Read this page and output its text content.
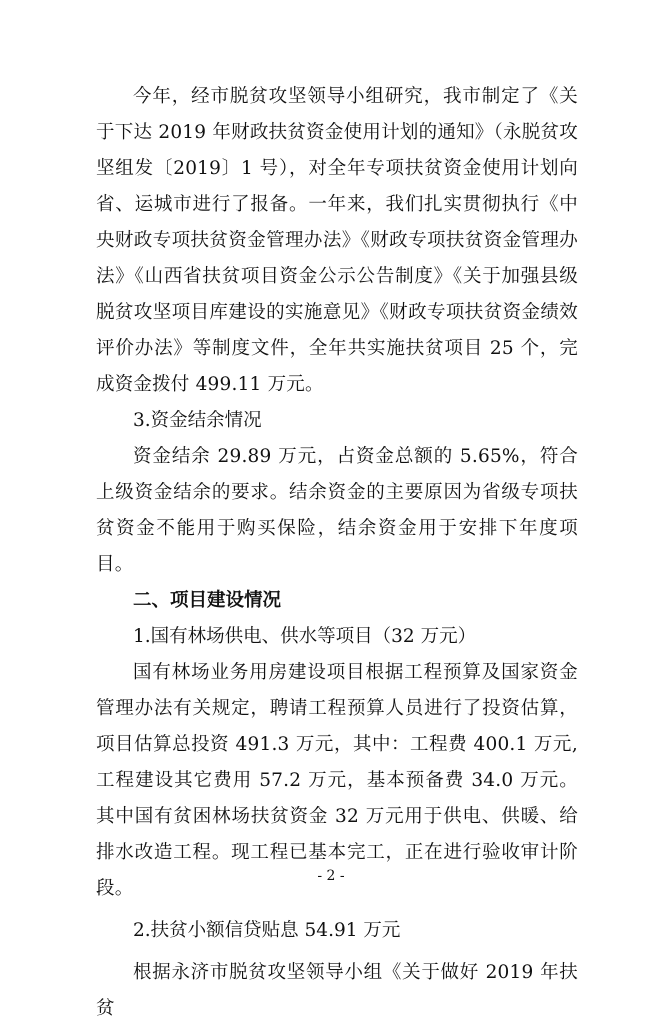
今年，经市脱贫攻坚领导小组研究，我市制定了《关于下达 2019 年财政扶贫资金使用计划的通知》（永脱贫攻坚组发〔2019〕1 号），对全年专项扶贫资金使用计划向省、运城市进行了报备。一年来，我们扎实贯彻执行《中央财政专项扶贫资金管理办法》《财政专项扶贫资金管理办法》《山西省扶贫项目资金公示公告制度》《关于加强县级脱贫攻坚项目库建设的实施意见》《财政专项扶贫资金绩效评价办法》等制度文件，全年共实施扶贫项目 25 个，完成资金拨付 499.11 万元。

3.资金结余情况

资金结余 29.89 万元，占资金总额的 5.65%，符合上级资金结余的要求。结余资金的主要原因为省级专项扶贫资金不能用于购买保险，结余资金用于安排下年度项目。

二、项目建设情况

1.国有林场供电、供水等项目（32 万元）

国有林场业务用房建设项目根据工程预算及国家资金管理办法有关规定，聘请工程预算人员进行了投资估算，项目估算总投资 491.3 万元，其中：工程费 400.1 万元,工程建设其它费用 57.2 万元，基本预备费 34.0 万元。其中国有贫困林场扶贫资金 32 万元用于供电、供暖、给排水改造工程。现工程已基本完工，正在进行验收审计阶段。

2.扶贫小额信贷贴息 54.91 万元

根据永济市脱贫攻坚领导小组《关于做好 2019 年扶贫

- 2 -
